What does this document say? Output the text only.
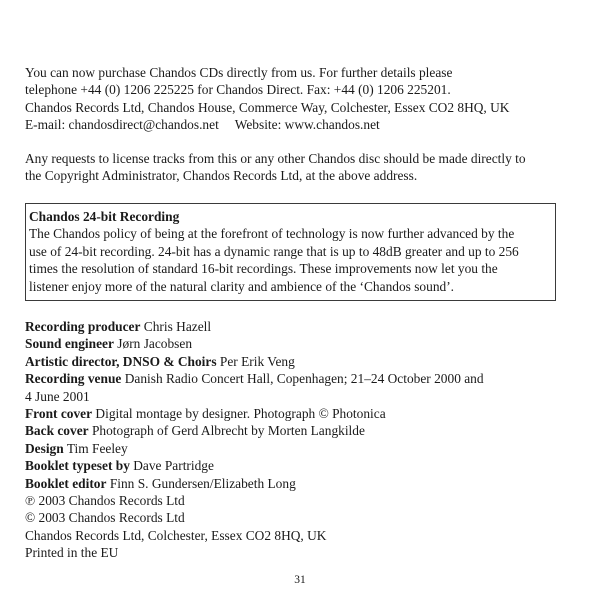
You can now purchase Chandos CDs directly from us. For further details please

telephone +44 (0) 1206 225225 for Chandos Direct. Fax: +44 (0) 1206 225201.

Chandos Records Ltd, Chandos House, Commerce Way, Colchester, Essex CO2 8HQ, UK

E-mail: chandosdirect@chandos.net Website: www.chandos.net

Any requests to license tracks from this or any other Chandos disc should be made directly to

the Copyright Administrator, Chandos Records Ltd, at the above address.

Chandos 24-bit Recording
The Chandos policy of being at the forefront of technology is now further advanced by the
use of 24-bit recording. 24-bit has a dynamic range that is up to 48dB greater and up to 256
times the resolution of standard 16-bit recordings. These improvements now let you the
listener enjoy more of the natural clarity and ambience of the ‘Chandos sound’.
Recording producer Chris Hazell
Sound engineer Jørn Jacobsen
Artistic director, DNSO & Choirs Per Erik Veng
Recording venue Danish Radio Concert Hall, Copenhagen; 21–24 October 2000 and
4 June 2001
Front cover Digital montage by designer. Photograph © Photonica
Back cover Photograph of Gerd Albrecht by Morten Langkilde
Design Tim Feeley
Booklet typeset by Dave Partridge
Booklet editor Finn S. Gundersen/Elizabeth Long
℗ 2003 Chandos Records Ltd
© 2003 Chandos Records Ltd
Chandos Records Ltd, Colchester, Essex CO2 8HQ, UK
Printed in the EU
31
